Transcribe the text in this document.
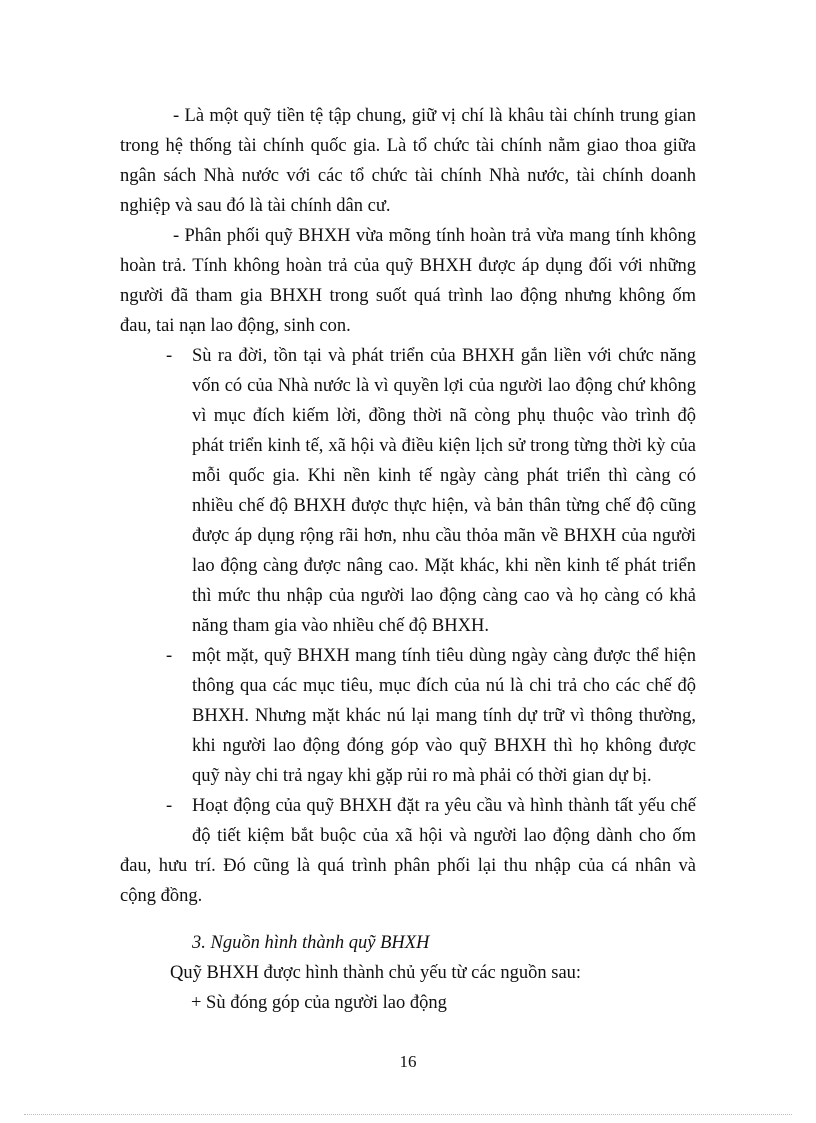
- Là một quỹ tiền tệ tập chung, giữ vị chí là khâu tài chính trung gian
trong hệ thống tài chính quốc gia. Là tổ chức tài chính nằm giao thoa giữa
ngân sách Nhà nước với các tổ chức tài chính Nhà nước, tài chính doanh
nghiệp và sau đó là tài chính dân cư.
- Phân phối quỹ BHXH vừa mõng tính hoàn trả vừa mang tính không
hoàn trả. Tính không hoàn trả của quỹ BHXH được áp dụng đối với những
người đã tham gia BHXH trong suốt quá trình lao động nhưng không ốm
đau, tai nạn lao động, sinh con.
- Sù ra đời, tồn tại và phát triển của BHXH gắn liền với chức năng
vốn có của Nhà nước là vì quyền lợi của người lao động chứ không
vì mục đích kiếm lời, đồng thời nã còng phụ thuộc vào trình độ
phát triển kinh tế, xã hội và điều kiện lịch sử trong từng thời kỳ của
mỗi quốc gia. Khi nền kinh tế ngày càng phát triển thì càng có
nhiều chế độ BHXH được thực hiện, và bản thân từng chế độ cũng
được áp dụng rộng rãi hơn, nhu cầu thỏa mãn về BHXH của người
lao động càng được nâng cao. Mặt khác, khi nền kinh tế phát triển
thì mức thu nhập của người lao động càng cao và họ càng có khả
năng tham gia vào nhiều chế độ BHXH.
- một mặt, quỹ BHXH mang tính tiêu dùng ngày càng được thể hiện
thông qua các mục tiêu, mục đích của nú là chi trả cho các chế độ
BHXH. Nhưng mặt khác nú lại mang tính dự trữ vì thông thường,
khi người lao động đóng góp vào quỹ BHXH thì họ không được
quỹ này chi trả ngay khi gặp rủi ro mà phải có thời gian dự bị.
- Hoạt động của quỹ BHXH đặt ra yêu cầu và hình thành tất yếu chế
độ tiết kiệm bắt buộc của xã hội và người lao động dành cho ốm
đau, hưu trí. Đó cũng là quá trình phân phối lại thu nhập của cá nhân và
cộng đồng.
3. Nguồn hình thành quỹ BHXH
Quỹ BHXH được hình thành chủ yếu từ các nguồn sau:
+ Sù đóng góp của người lao động
16
